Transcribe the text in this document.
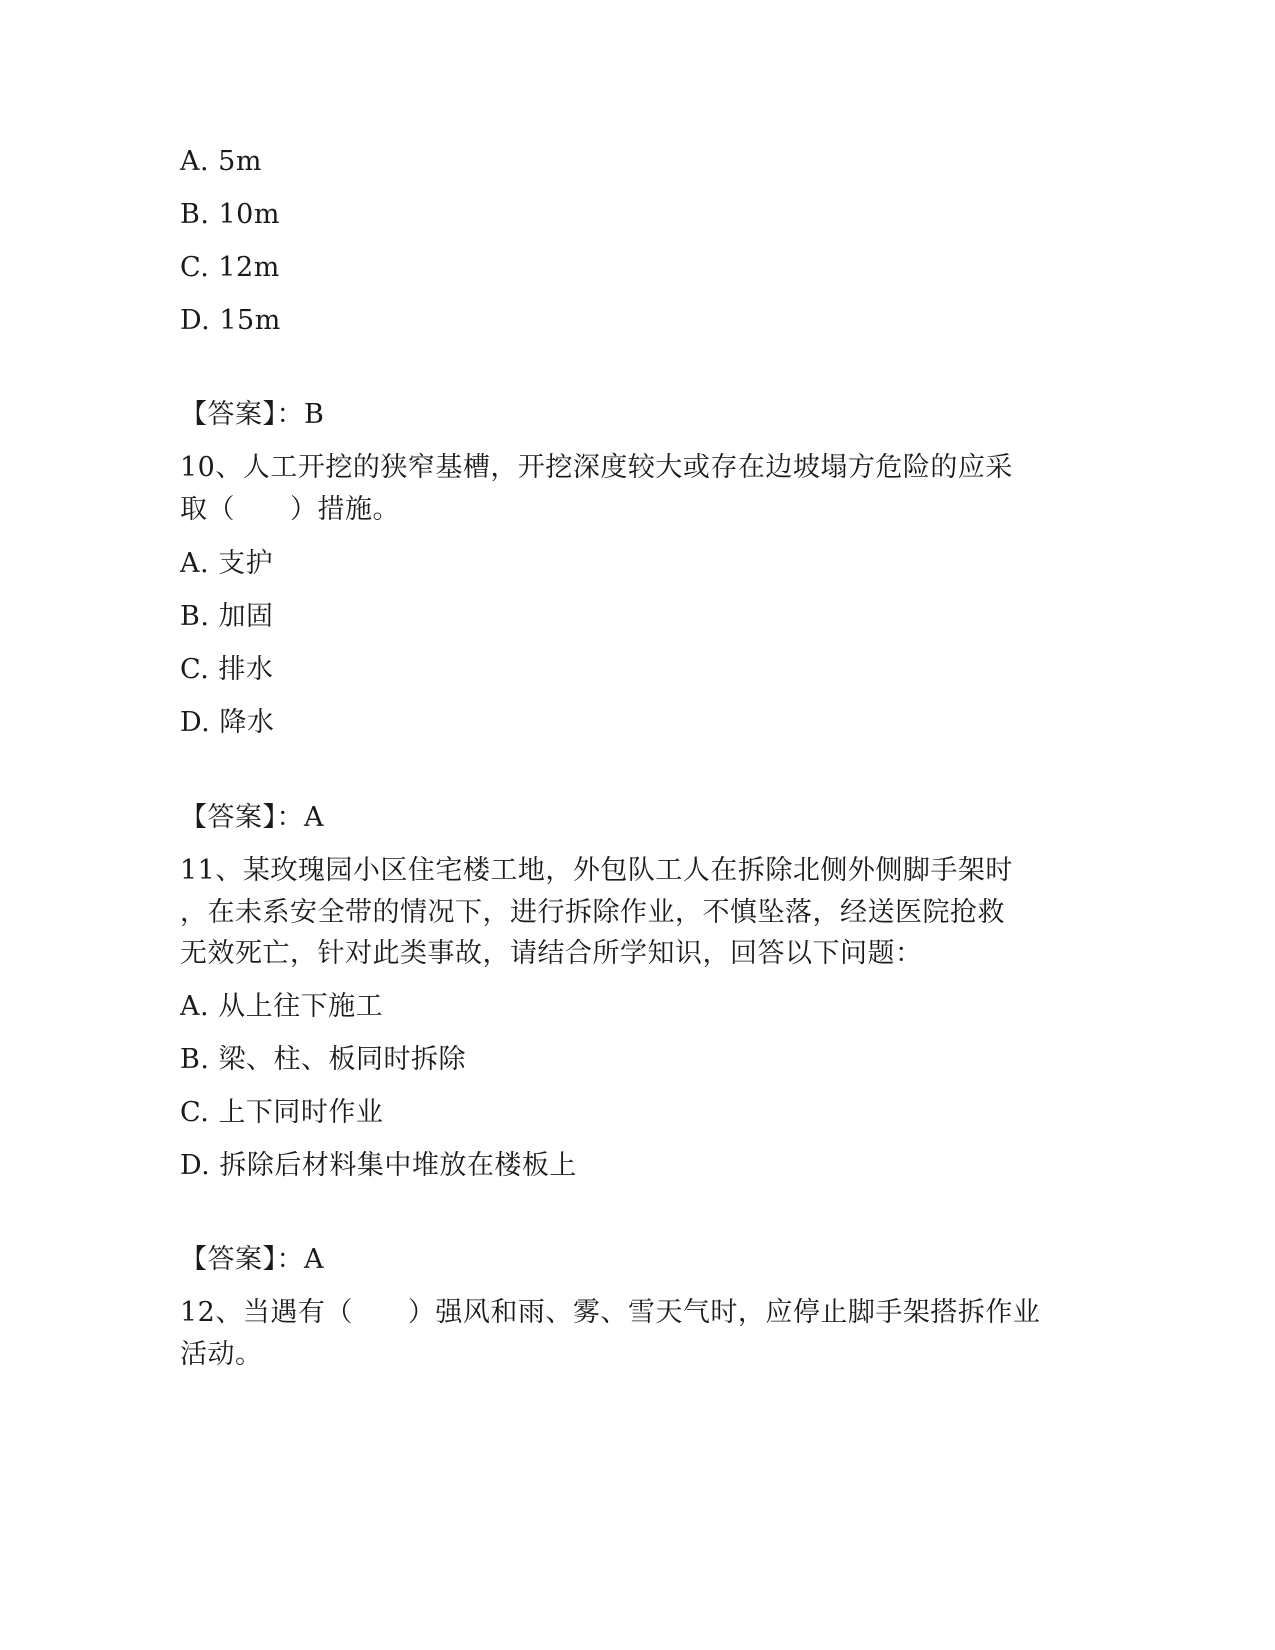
A. 5m
B. 10m
C. 12m
D. 15m
【答案】：B
10、人工开挖的狭窄基槽，开挖深度较大或存在边坡塌方危险的应采
取（　　）措施。
A. 支护
B. 加固
C. 排水
D. 降水
【答案】：A
11、某玫瑰园小区住宅楼工地，外包队工人在拆除北侧外侧脚手架时
，在未系安全带的情况下，进行拆除作业，不慎坠落，经送医院抢救
无效死亡，针对此类事故，请结合所学知识，回答以下问题：
A. 从上往下施工
B. 梁、柱、板同时拆除
C. 上下同时作业
D. 拆除后材料集中堆放在楼板上
【答案】：A
12、当遇有（　　）强风和雨、雾、雪天气时，应停止脚手架搭拆作业
活动。
